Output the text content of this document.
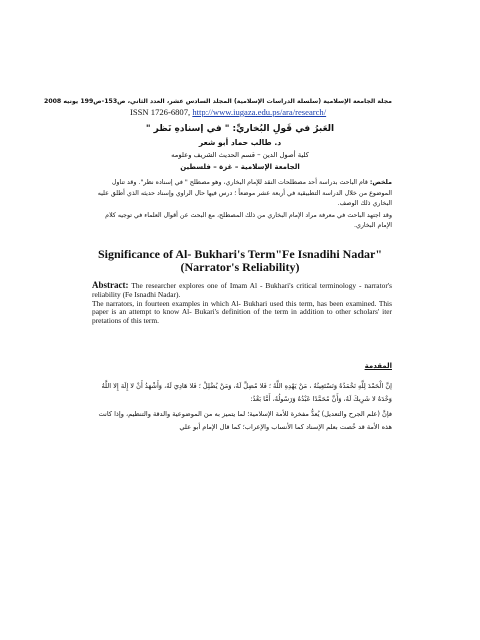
مجلة الجامعة الإسلامية (سلسلة الدراسات الإسلامية) المجلد السادس عشر، العدد الثاني، ص153-ص199 يونيه 2008
ISSN 1726-6807, http://www.iugaza.edu.ps/ara/research/
العَبرُ في قَولِ البُخاريِّ: " في إسنادهِ نَظر "
د. طالب حماد أبو شعر
كلية أصول الدين – قسم الحديث الشريف وعلومه
الجامعة الإسلامية – غزة – فلسطين

ملخص: قام الباحث بدراسة أحد مصطلحات النقد للإمام البخاري، وهو مصطلح " في إسناده نظر". وقد تناول الموضوع من خلال الدراسة التطبيقية في أربعة عشر موضعاً ؛ درس فيها حال الراوي وإسناد حديثه الذي أطلق عليه البخاري ذلك الوصف.

وقد اجتهد الباحث في معرفة مراد الإمام البخاري من ذلك المصطلح، مع البحث عن أقوال العلماء في توجيه كلام الإمام البخاري.

Significance of Al- Bukhari's Term"Fe Isnadihi Nadar"
(Narrator's Reliability)

Abstract: The researcher explores one of Imam Al - Bukhari's critical terminology - narrator's reliability (Fe Isnadhi Nadar).

The narrators, in fourteen examples in which Al- Bukhari used this term, has been examined. This paper is an attempt to know Al- Bukari's definition of the term in addition to other scholars' iter pretations of this term.

المقدمة

إنَّ الْحَمْدَ لِلَّهِ نَحْمَدُهُ وَنَسْتَعِينُهُ ، مَنْ يَهْدِهِ اللَّهُ ؛ فَلا مُضِلَّ لَهُ، وَمَنْ يُضْلِلْ ؛ فَلا هَادِيَ لَهُ، وَأَشْهَدُ أَنْ لا إِلَهَ إِلا اللَّهُ وَحْدَهُ لا شَرِيكَ لَهُ، وَأَنَّ مُحَمَّدًا عَبْدُهُ وَرَسُولُهُ، أَمَّا بَعْدُ:

فإنَّ (علم الجرح والتعديل) يُعدُّ مفخرة للأمة الإسلامية؛ لما يتميز به من الموضوعية والدقة والتنظيم، وإذا كانت هذه الأمة قد خُصت بعلم الإسناد كما الأنساب والإعراب؛ كما قال الإمام أبو علي
